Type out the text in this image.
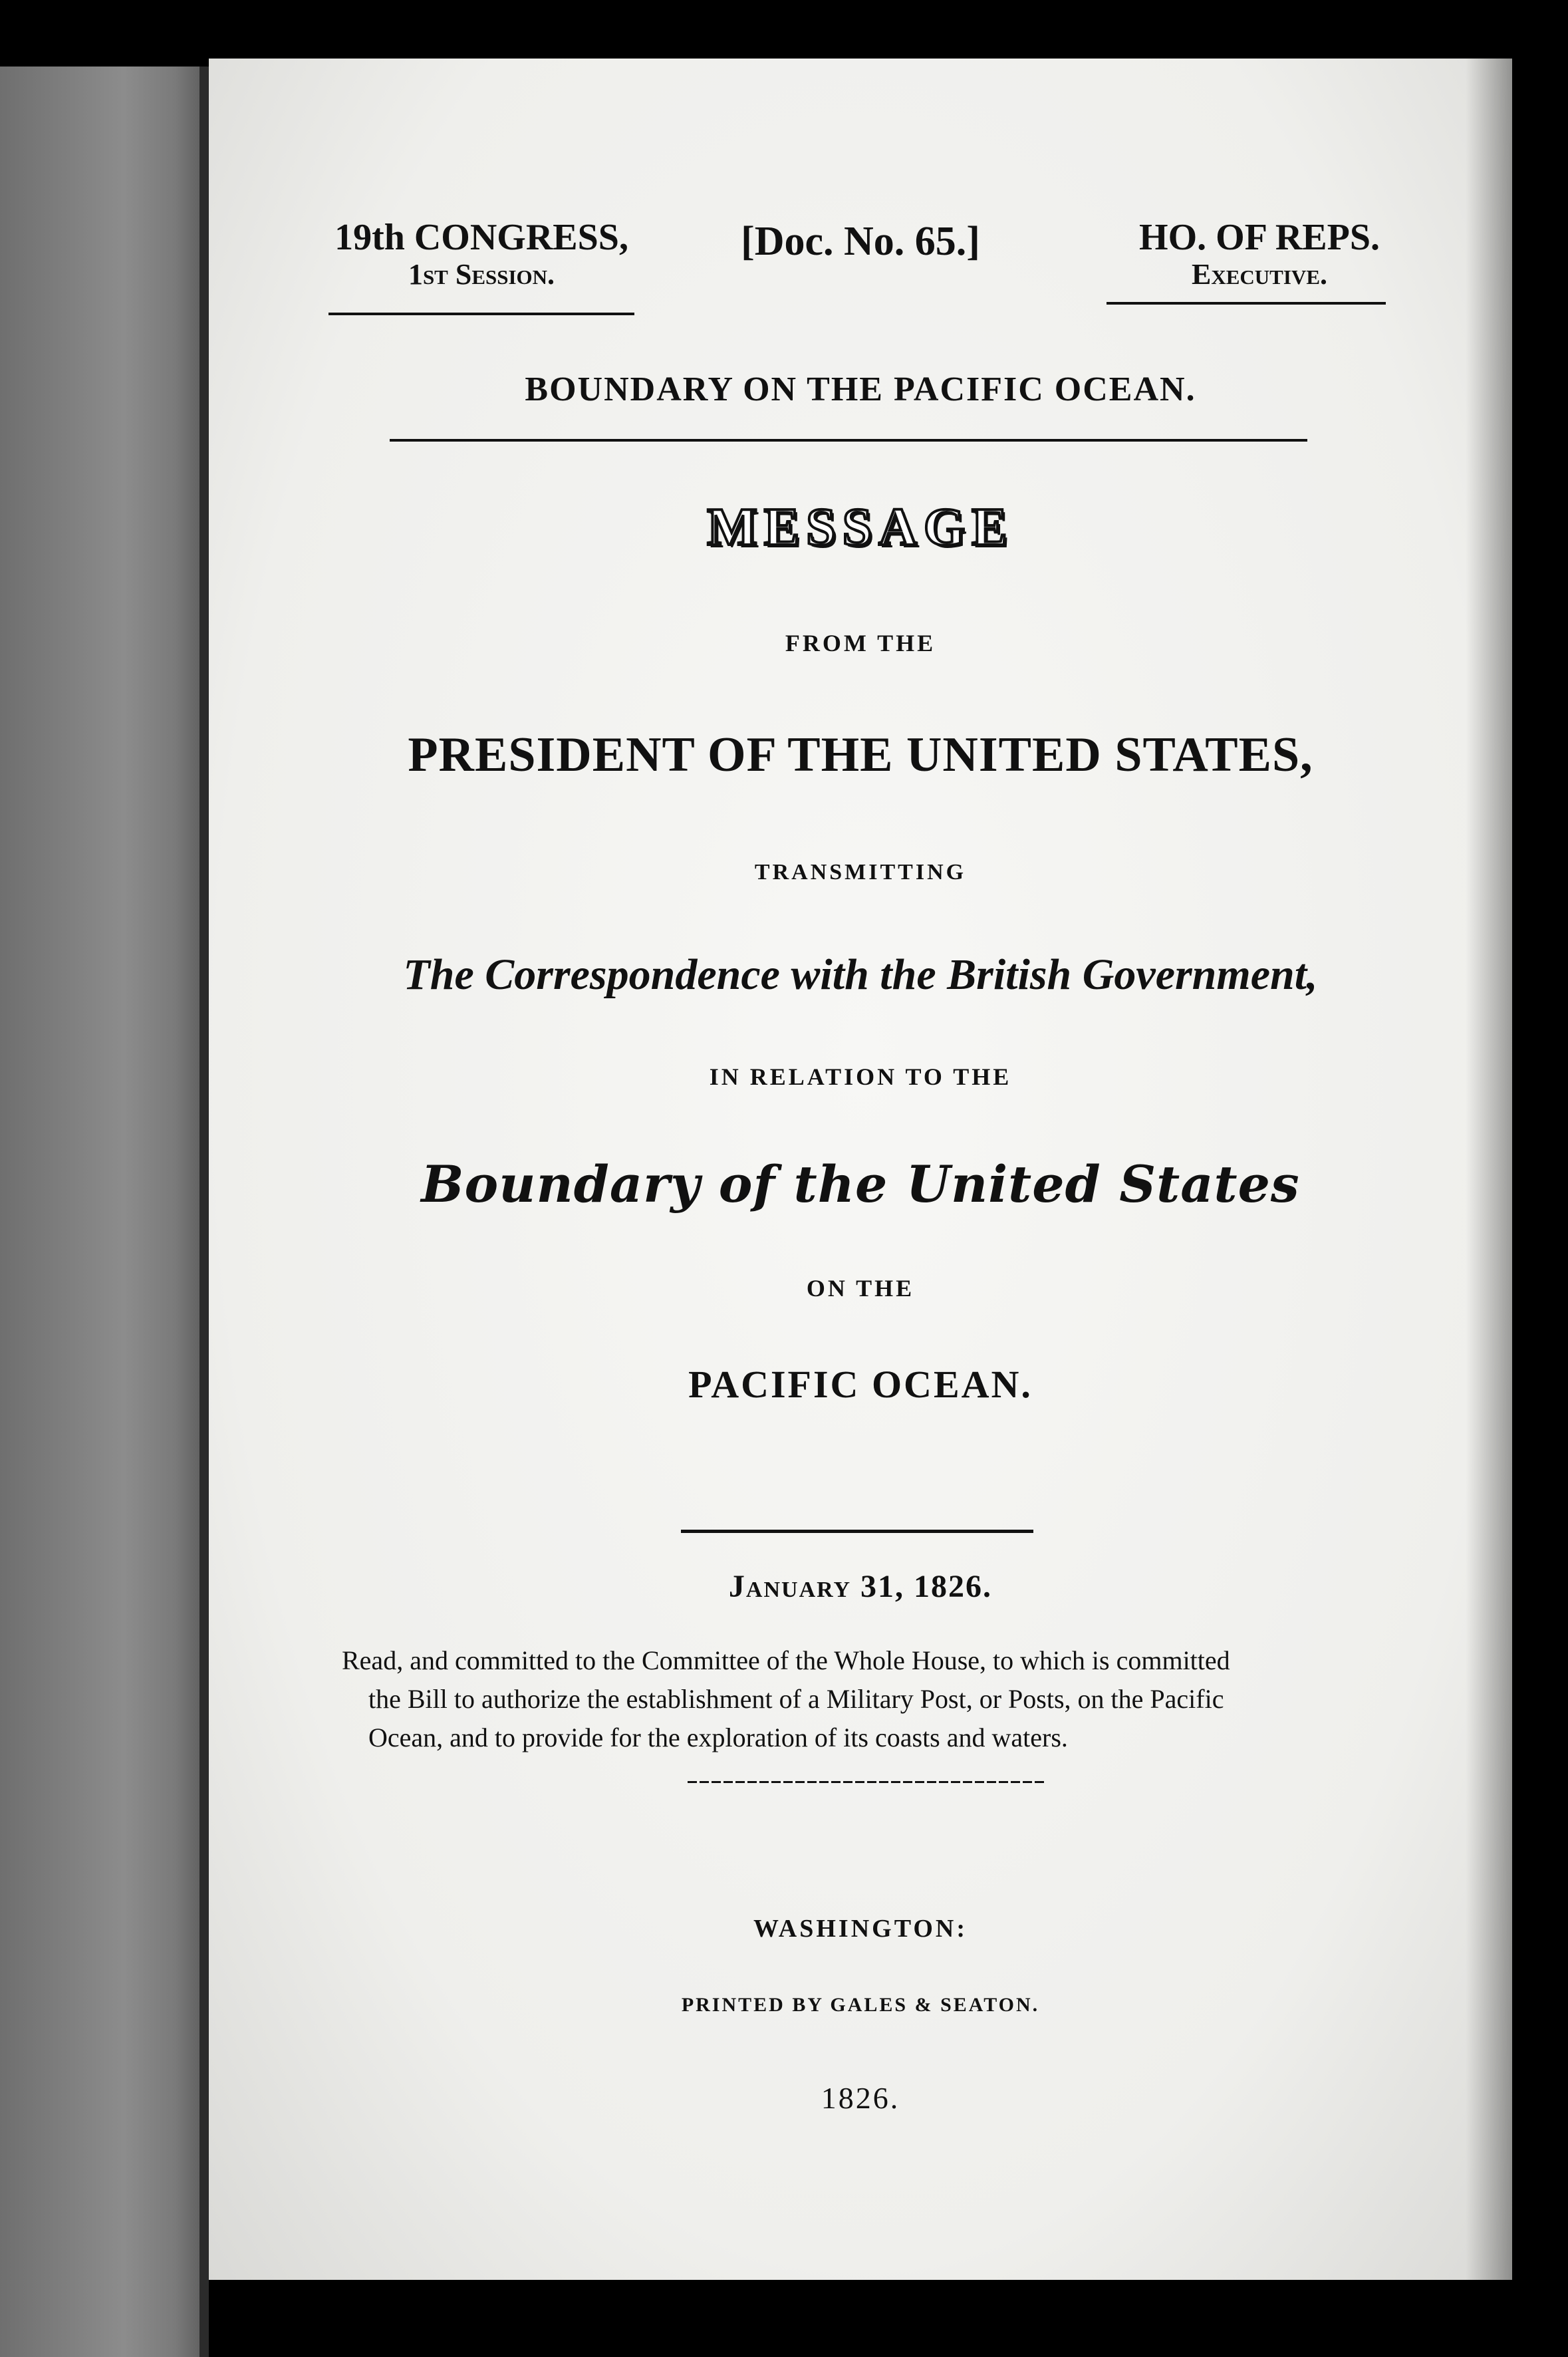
19th CONGRESS,
1st Session.
[Doc. No. 65.]	HO. OF REPS.
Executive.
BOUNDARY ON THE PACIFIC OCEAN.
MESSAGE
FROM THE
PRESIDENT OF THE UNITED STATES,
TRANSMITTING
The Correspondence with the British Government,
IN RELATION TO THE
Boundary of the United States
ON THE
PACIFIC OCEAN.
January 31, 1826.
Read, and committed to the Committee of the Whole House, to which is committed
the Bill to authorize the establishment of a Military Post, or Posts, on the Pacific
Ocean, and to provide for the exploration of its coasts and waters.
WASHINGTON:
PRINTED BY GALES & SEATON.
1826.
